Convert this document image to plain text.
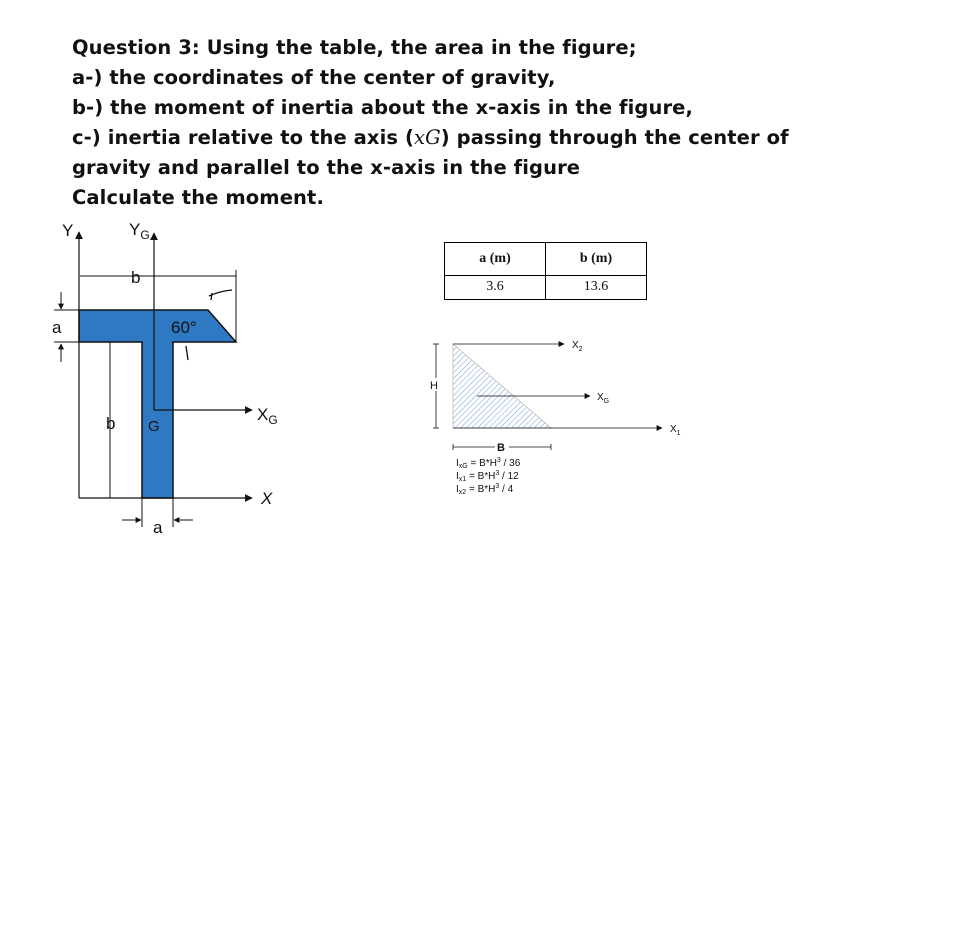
Question 3: Using the table, the area in the figure;

a-) the coordinates of the center of gravity,

b-) the moment of inertia about the x-axis in the figure,

c-) inertia relative to the axis (xG) passing through the center of

gravity and parallel to the x-axis in the figure

Calculate the moment.

a (m)	b (m)
3.6	13.6
Y	$Y_G$
b
a	60°
b G
$X_G$
X
a
$X_2$
$X_G$
$X_1$
H
B
$I_{xG} = B*H^3 / 36$
$I_{x1} = B*H^3 / 12$
$I_{x2} = B*H^3 / 4$
